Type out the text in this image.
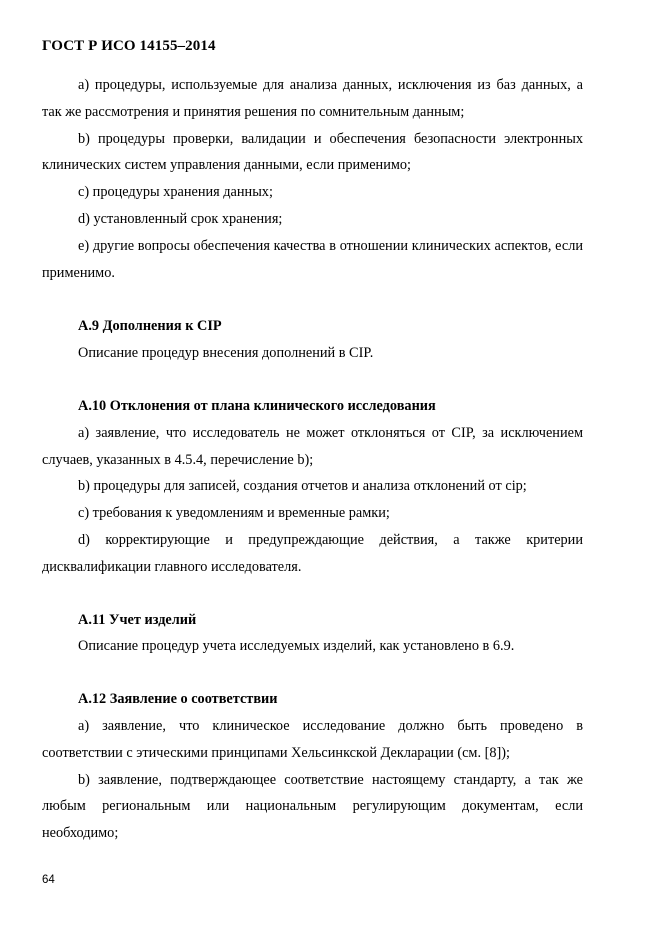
ГОСТ Р ИСО 14155–2014

а) процедуры, используемые для анализа данных, исключения из баз данных, а так же рассмотрения и принятия решения по сомнительным данным;

b) процедуры проверки, валидации и обеспечения безопасности электронных клинических систем управления данными, если применимо;

c) процедуры хранения данных;

d) установленный срок хранения;

e) другие вопросы обеспечения качества в отношении клинических аспектов, если применимо.

А.9 Дополнения к CIP

Описание процедур внесения дополнений в CIP.

А.10 Отклонения от плана клинического исследования

а) заявление, что исследователь не может отклоняться от CIP, за исключением случаев, указанных в 4.5.4, перечисление b);

b) процедуры для записей, создания отчетов и анализа отклонений от cip;

c) требования к уведомлениям и временные рамки;

d) корректирующие и предупреждающие действия, а также критерии дисквалификации главного исследователя.

А.11 Учет изделий

Описание процедур учета исследуемых изделий, как установлено в 6.9.

А.12 Заявление о соответствии

а) заявление, что клиническое исследование должно быть проведено в соответствии с этическими принципами Хельсинкской Декларации (см. [8]);

b) заявление, подтверждающее соответствие настоящему стандарту, а так же любым региональным или национальным регулирующим документам, если необходимо;

64
